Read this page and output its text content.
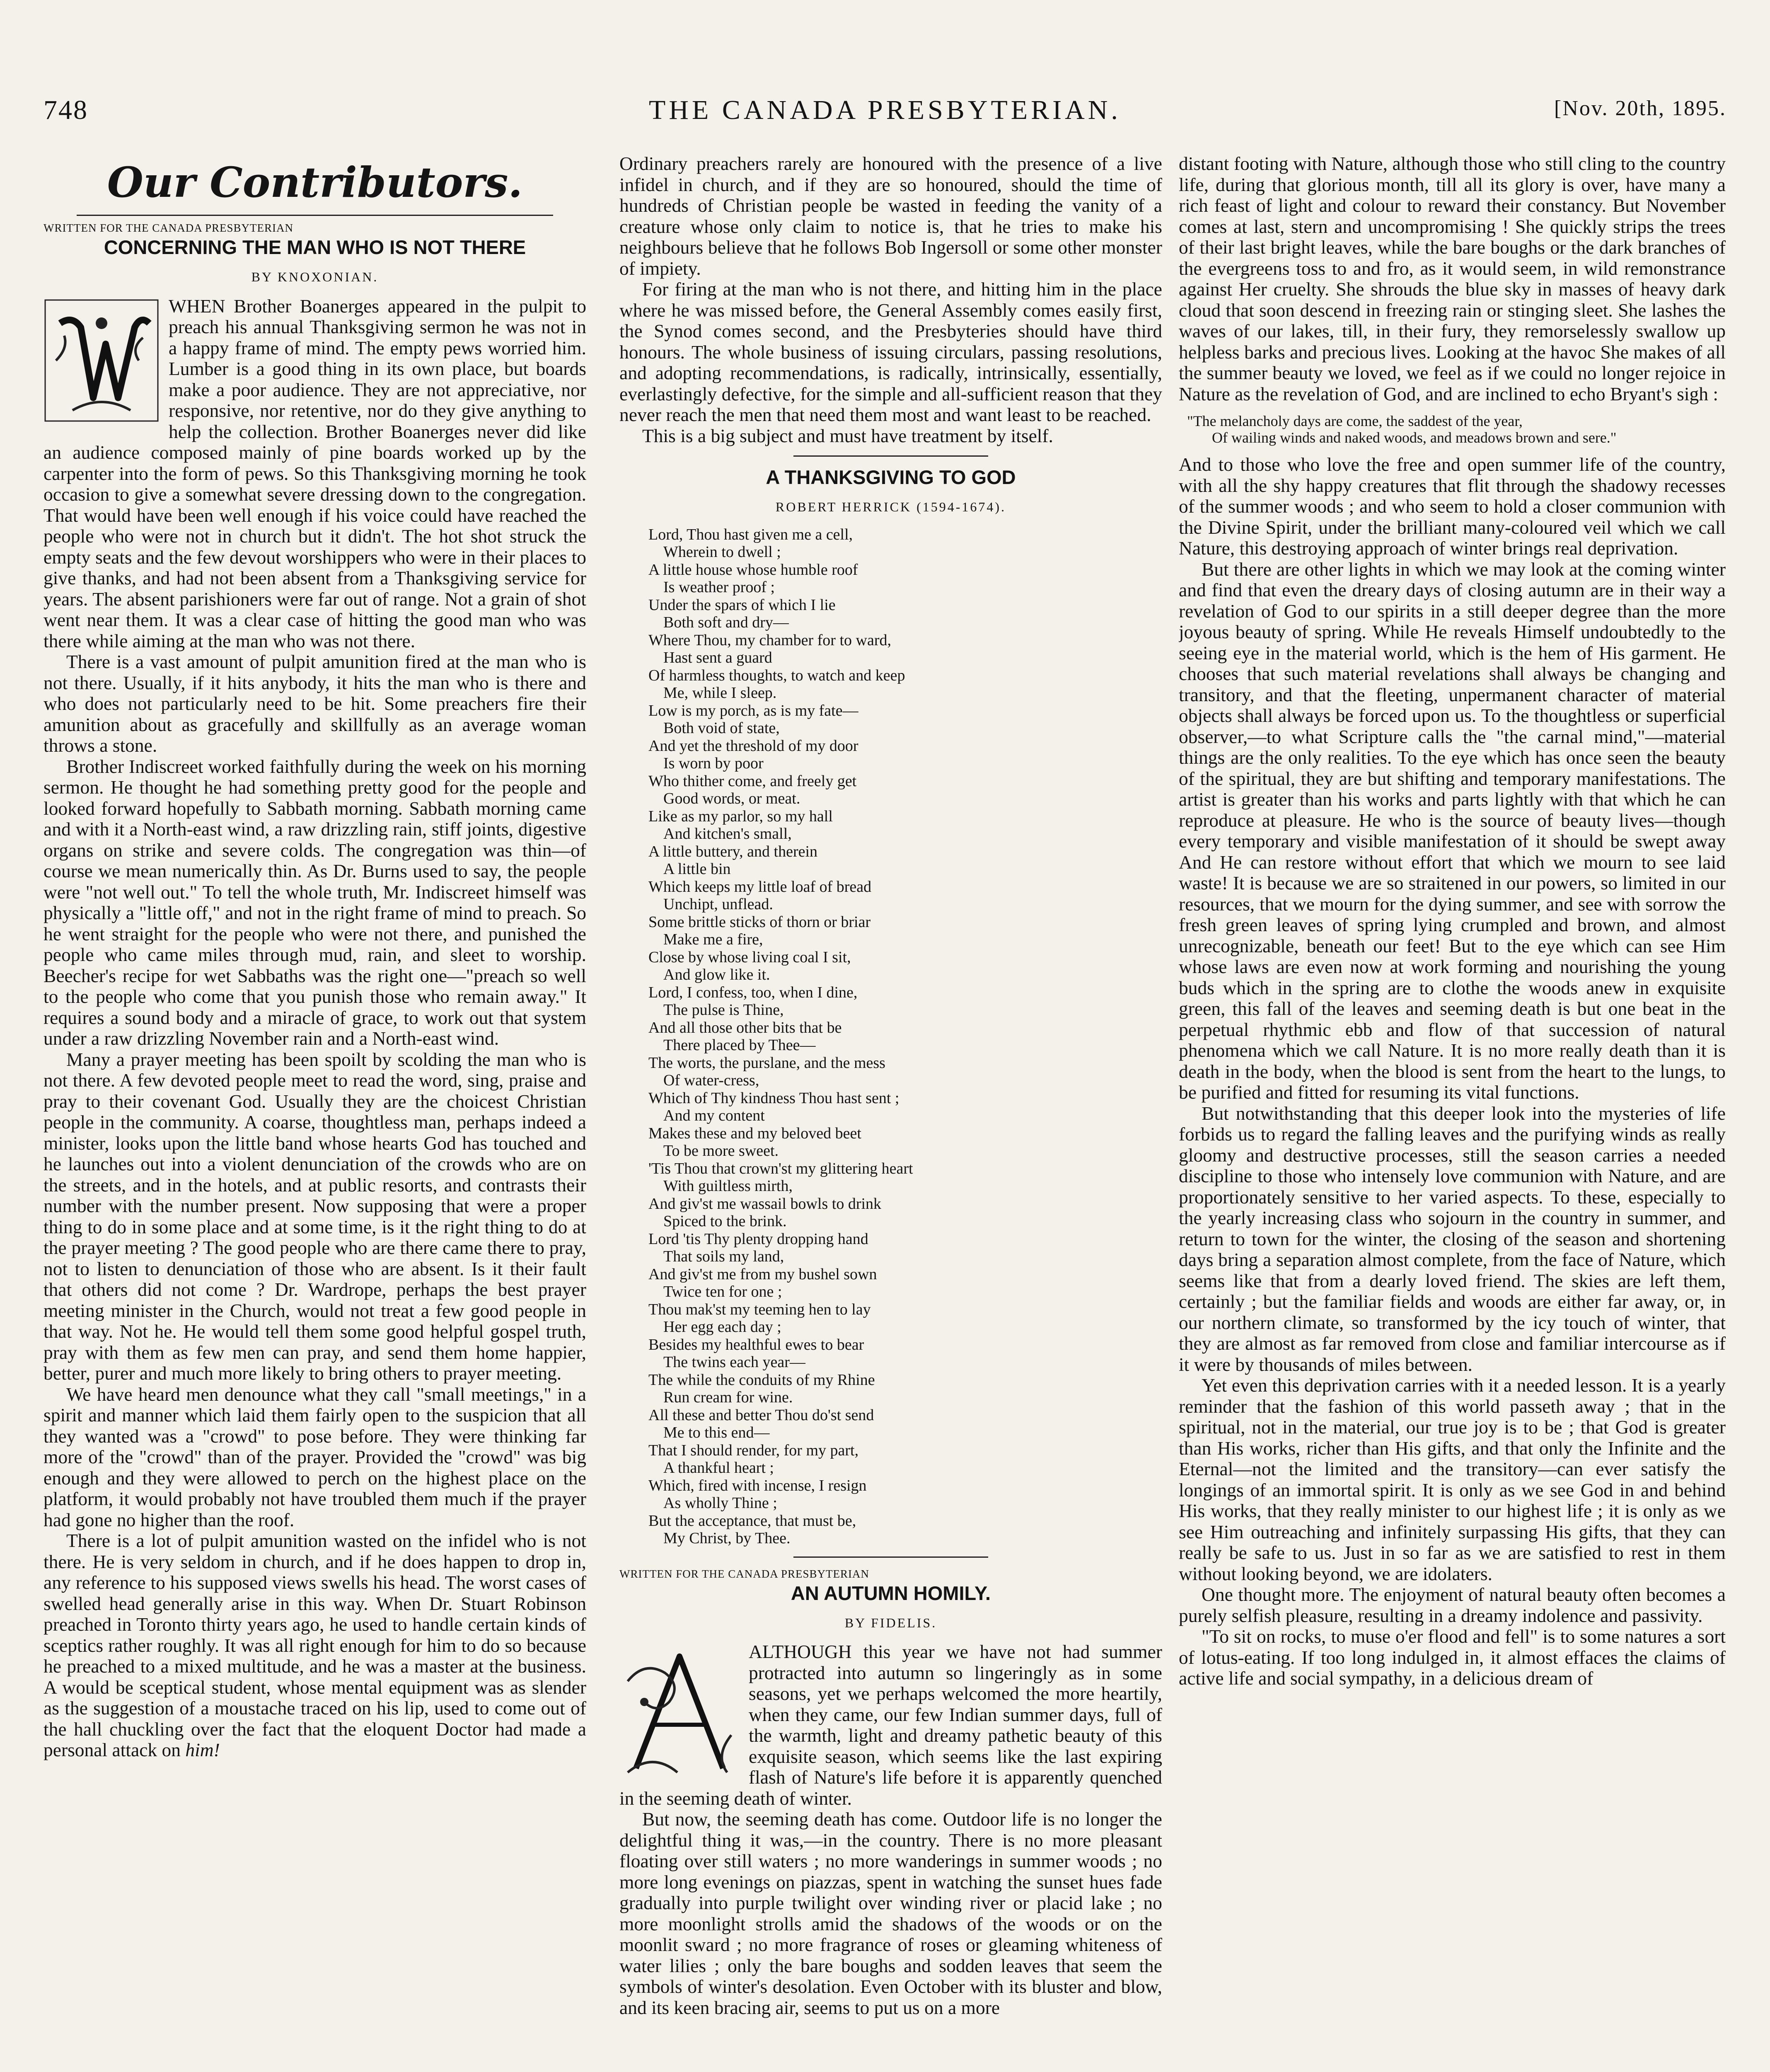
748	THE CANADA PRESBYTERIAN.	[Nov. 20th, 1895.
Our Contributors.
WRITTEN FOR THE CANADA PRESBYTERIAN
CONCERNING THE MAN WHO IS NOT THERE
BY KNOXONIAN.

WHEN Brother Boanerges appeared in the pulpit to preach his annual Thanksgiving sermon he was not in a happy frame of mind. The empty pews worried him. Lumber is a good thing in its own place, but boards make a poor audience. They are not appreciative, nor responsive, nor retentive, nor do they give anything to help the collection. Brother Boanerges never did like an audience composed mainly of pine boards worked up by the carpenter into the form of pews. So this Thanksgiving morning he took occasion to give a somewhat severe dressing down to the congregation. That would have been well enough if his voice could have reached the people who were not in church but it didn't. The hot shot struck the empty seats and the few devout worshippers who were in their places to give thanks, and had not been absent from a Thanksgiving service for years. The absent parishioners were far out of range. Not a grain of shot went near them. It was a clear case of hitting the good man who was there while aiming at the man who was not there.

There is a vast amount of pulpit amunition fired at the man who is not there. Usually, if it hits anybody, it hits the man who is there and who does not particularly need to be hit. Some preachers fire their amunition about as gracefully and skillfully as an average woman throws a stone.

Brother Indiscreet worked faithfully during the week on his morning sermon. He thought he had something pretty good for the people and looked forward hopefully to Sabbath morning. Sabbath morning came and with it a North-east wind, a raw drizzling rain, stiff joints, digestive organs on strike and severe colds. The congregation was thin—of course we mean numerically thin. As Dr. Burns used to say, the people were "not well out." To tell the whole truth, Mr. Indiscreet himself was physically a "little off," and not in the right frame of mind to preach. So he went straight for the people who were not there, and punished the people who came miles through mud, rain, and sleet to worship. Beecher's recipe for wet Sabbaths was the right one—"preach so well to the people who come that you punish those who remain away." It requires a sound body and a miracle of grace, to work out that system under a raw drizzling November rain and a North-east wind.

Many a prayer meeting has been spoilt by scolding the man who is not there. A few devoted people meet to read the word, sing, praise and pray to their covenant God. Usually they are the choicest Christian people in the community. A coarse, thoughtless man, perhaps indeed a minister, looks upon the little band whose hearts God has touched and he launches out into a violent denunciation of the crowds who are on the streets, and in the hotels, and at public resorts, and contrasts their number with the number present. Now supposing that were a proper thing to do in some place and at some time, is it the right thing to do at the prayer meeting ? The good people who are there came there to pray, not to listen to denunciation of those who are absent. Is it their fault that others did not come ? Dr. Wardrope, perhaps the best prayer meeting minister in the Church, would not treat a few good people in that way. Not he. He would tell them some good helpful gospel truth, pray with them as few men can pray, and send them home happier, better, purer and much more likely to bring others to prayer meeting.

We have heard men denounce what they call "small meetings," in a spirit and manner which laid them fairly open to the suspicion that all they wanted was a "crowd" to pose before. They were thinking far more of the "crowd" than of the prayer. Provided the "crowd" was big enough and they were allowed to perch on the highest place on the platform, it would probably not have troubled them much if the prayer had gone no higher than the roof.

There is a lot of pulpit amunition wasted on the infidel who is not there. He is very seldom in church, and if he does happen to drop in, any reference to his supposed views swells his head. The worst cases of swelled head generally arise in this way. When Dr. Stuart Robinson preached in Toronto thirty years ago, he used to handle certain kinds of sceptics rather roughly. It was all right enough for him to do so because he preached to a mixed multitude, and he was a master at the business. A would be sceptical student, whose mental equipment was as slender as the suggestion of a moustache traced on his lip, used to come out of the hall chuckling over the fact that the eloquent Doctor had made a personal attack on him!

Ordinary preachers rarely are honoured with the presence of a live infidel in church, and if they are so honoured, should the time of hundreds of Christian people be wasted in feeding the vanity of a creature whose only claim to notice is, that he tries to make his neighbours believe that he follows Bob Ingersoll or some other monster of impiety.

For firing at the man who is not there, and hitting him in the place where he was missed before, the General Assembly comes easily first, the Synod comes second, and the Presbyteries should have third honours. The whole business of issuing circulars, passing resolutions, and adopting recommendations, is radically, intrinsically, essentially, everlastingly defective, for the simple and all-sufficient reason that they never reach the men that need them most and want least to be reached.

This is a big subject and must have treatment by itself.

A THANKSGIVING TO GOD
ROBERT HERRICK (1594-1674).
Lord, Thou hast given me a cell,
Wherein to dwell ;
A little house whose humble roof
Is weather proof ;
Under the spars of which I lie
Both soft and dry—
Where Thou, my chamber for to ward,
Hast sent a guard
Of harmless thoughts, to watch and keep
Me, while I sleep.
Low is my porch, as is my fate—
Both void of state,
And yet the threshold of my door
Is worn by poor
Who thither come, and freely get
Good words, or meat.
Like as my parlor, so my hall
And kitchen's small,
A little buttery, and therein
A little bin
Which keeps my little loaf of bread
Unchipt, unflead.
Some brittle sticks of thorn or briar
Make me a fire,
Close by whose living coal I sit,
And glow like it.
Lord, I confess, too, when I dine,
The pulse is Thine,
And all those other bits that be
There placed by Thee—
The worts, the purslane, and the mess
Of water-cress,
Which of Thy kindness Thou hast sent ;
And my content
Makes these and my beloved beet
To be more sweet.
'Tis Thou that crown'st my glittering heart
With guiltless mirth,
And giv'st me wassail bowls to drink
Spiced to the brink.
Lord 'tis Thy plenty dropping hand
That soils my land,
And giv'st me from my bushel sown
Twice ten for one ;
Thou mak'st my teeming hen to lay
Her egg each day ;
Besides my healthful ewes to bear
The twins each year—
The while the conduits of my Rhine
Run cream for wine.
All these and better Thou do'st send
Me to this end—
That I should render, for my part,
A thankful heart ;
Which, fired with incense, I resign
As wholly Thine ;
But the acceptance, that must be,
My Christ, by Thee.
WRITTEN FOR THE CANADA PRESBYTERIAN
AN AUTUMN HOMILY.
BY FIDELIS.

ALTHOUGH this year we have not had summer protracted into autumn so lingeringly as in some seasons, yet we perhaps welcomed the more heartily, when they came, our few Indian summer days, full of the warmth, light and dreamy pathetic beauty of this exquisite season, which seems like the last expiring flash of Nature's life before it is apparently quenched in the seeming death of winter.

But now, the seeming death has come. Outdoor life is no longer the delightful thing it was,—in the country. There is no more pleasant floating over still waters ; no more wanderings in summer woods ; no more long evenings on piazzas, spent in watching the sunset hues fade gradually into purple twilight over winding river or placid lake ; no more moonlight strolls amid the shadows of the woods or on the moonlit sward ; no more fragrance of roses or gleaming whiteness of water lilies ; only the bare boughs and sodden leaves that seem the symbols of winter's desolation. Even October with its bluster and blow, and its keen bracing air, seems to put us on a more

distant footing with Nature, although those who still cling to the country life, during that glorious month, till all its glory is over, have many a rich feast of light and colour to reward their constancy. But November comes at last, stern and uncompromising ! She quickly strips the trees of their last bright leaves, while the bare boughs or the dark branches of the evergreens toss to and fro, as it would seem, in wild remonstrance against Her cruelty. She shrouds the blue sky in masses of heavy dark cloud that soon descend in freezing rain or stinging sleet. She lashes the waves of our lakes, till, in their fury, they remorselessly swallow up helpless barks and precious lives. Looking at the havoc She makes of all the summer beauty we loved, we feel as if we could no longer rejoice in Nature as the revelation of God, and are inclined to echo Bryant's sigh :

"The melancholy days are come, the saddest of the year,
Of wailing winds and naked woods, and meadows brown and sere."

And to those who love the free and open summer life of the country, with all the shy happy creatures that flit through the shadowy recesses of the summer woods ; and who seem to hold a closer communion with the Divine Spirit, under the brilliant many-coloured veil which we call Nature, this destroying approach of winter brings real deprivation.

But there are other lights in which we may look at the coming winter and find that even the dreary days of closing autumn are in their way a revelation of God to our spirits in a still deeper degree than the more joyous beauty of spring. While He reveals Himself undoubtedly to the seeing eye in the material world, which is the hem of His garment. He chooses that such material revelations shall always be changing and transitory, and that the fleeting, unpermanent character of material objects shall always be forced upon us. To the thoughtless or superficial observer,—to what Scripture calls the "the carnal mind,"—material things are the only realities. To the eye which has once seen the beauty of the spiritual, they are but shifting and temporary manifestations. The artist is greater than his works and parts lightly with that which he can reproduce at pleasure. He who is the source of beauty lives—though every temporary and visible manifestation of it should be swept away And He can restore without effort that which we mourn to see laid waste! It is because we are so straitened in our powers, so limited in our resources, that we mourn for the dying summer, and see with sorrow the fresh green leaves of spring lying crumpled and brown, and almost unrecognizable, beneath our feet! But to the eye which can see Him whose laws are even now at work forming and nourishing the young buds which in the spring are to clothe the woods anew in exquisite green, this fall of the leaves and seeming death is but one beat in the perpetual rhythmic ebb and flow of that succession of natural phenomena which we call Nature. It is no more really death than it is death in the body, when the blood is sent from the heart to the lungs, to be purified and fitted for resuming its vital functions.

But notwithstanding that this deeper look into the mysteries of life forbids us to regard the falling leaves and the purifying winds as really gloomy and destructive processes, still the season carries a needed discipline to those who intensely love communion with Nature, and are proportionately sensitive to her varied aspects. To these, especially to the yearly increasing class who sojourn in the country in summer, and return to town for the winter, the closing of the season and shortening days bring a separation almost complete, from the face of Nature, which seems like that from a dearly loved friend. The skies are left them, certainly ; but the familiar fields and woods are either far away, or, in our northern climate, so transformed by the icy touch of winter, that they are almost as far removed from close and familiar intercourse as if it were by thousands of miles between.

Yet even this deprivation carries with it a needed lesson. It is a yearly reminder that the fashion of this world passeth away ; that in the spiritual, not in the material, our true joy is to be ; that God is greater than His works, richer than His gifts, and that only the Infinite and the Eternal—not the limited and the transitory—can ever satisfy the longings of an immortal spirit. It is only as we see God in and behind His works, that they really minister to our highest life ; it is only as we see Him outreaching and infinitely surpassing His gifts, that they can really be safe to us. Just in so far as we are satisfied to rest in them without looking beyond, we are idolaters.

One thought more. The enjoyment of natural beauty often becomes a purely selfish pleasure, resulting in a dreamy indolence and passivity.

"To sit on rocks, to muse o'er flood and fell" is to some natures a sort of lotus-eating. If too long indulged in, it almost effaces the claims of active life and social sympathy, in a delicious dream of
